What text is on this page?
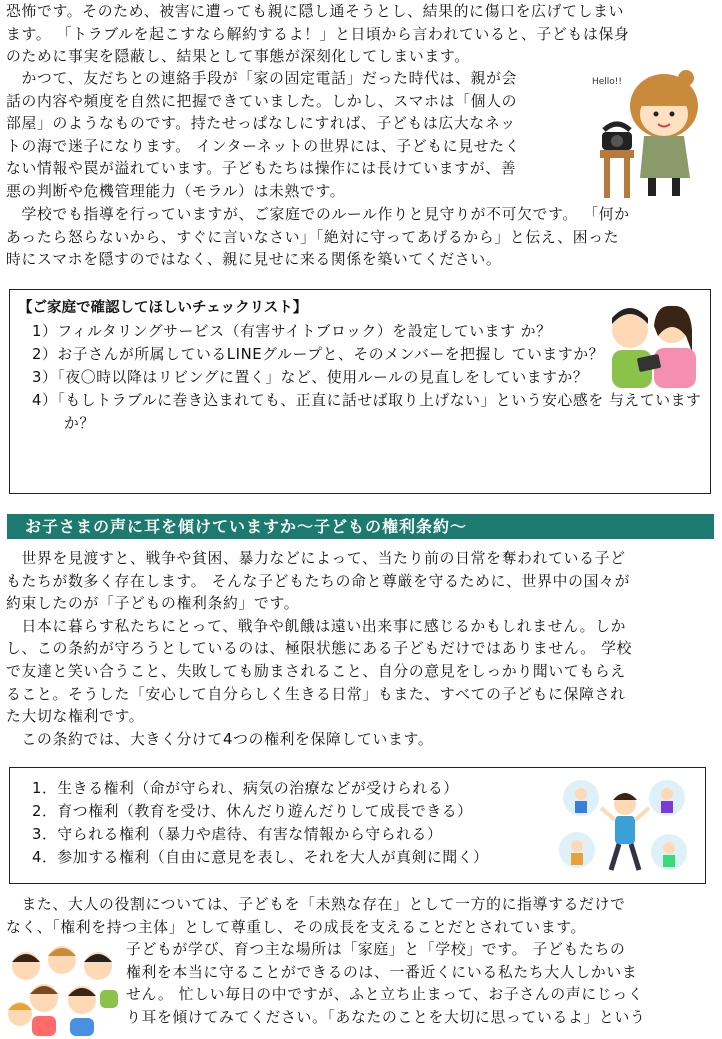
恐怖です。そのため、被害に遭っても親に隠し通そうとし、結果的に傷口を広げてしまい

ます。 「トラブルを起こすなら解約するよ！」と日頃から言われていると、子どもは保身

のために事実を隠蔽し、結果として事態が深刻化してしまいます。

　かつて、友だちとの連絡手段が「家の固定電話」だった時代は、親が会

話の内容や頻度を自然に把握できていました。しかし、スマホは「個人の

部屋」のようなものです。持たせっぱなしにすれば、子どもは広大なネッ

トの海で迷子になります。 インターネットの世界には、子どもに見せたく

ない情報や罠が溢れています。子どもたちは操作には長けていますが、善

悪の判断や危機管理能力（モラル）は未熟です。

　学校でも指導を行っていますが、ご家庭でのルール作りと見守りが不可欠です。 「何か

あったら怒らないから、すぐに言いなさい」「絶対に守ってあげるから」と伝え、困った

時にスマホを隠すのではなく、親に見せに来る関係を築いてください。

Hello!!
【ご家庭で確認してほしいチェックリスト】
1）フィルタリングサービス（有害サイトブロック）を設定しています か？
2）お子さんが所属しているLINEグループと、そのメンバーを把握し ていますか？
3）「夜〇時以降はリビングに置く」など、使用ルールの見直しをしていますか？
4）「もしトラブルに巻き込まれても、正直に話せば取り上げない」という安心感を 与えていますか？
お子さまの声に耳を傾けていますか～子どもの権利条約～

　世界を見渡すと、戦争や貧困、暴力などによって、当たり前の日常を奪われている子ど

もたちが数多く存在します。 そんな子どもたちの命と尊厳を守るために、世界中の国々が

約束したのが「子どもの権利条約」です。

　日本に暮らす私たちにとって、戦争や飢餓は遠い出来事に感じるかもしれません。しか

し、この条約が守ろうとしているのは、極限状態にある子どもだけではありません。 学校

で友達と笑い合うこと、失敗しても励まされること、自分の意見をしっかり聞いてもらえ

ること。そうした「安心して自分らしく生きる日常」もまた、すべての子どもに保障され

た大切な権利です。

　この条約では、大きく分けて4つの権利を保障しています。

1．生きる権利（命が守られ、病気の治療などが受けられる）
2．育つ権利（教育を受け、休んだり遊んだりして成長できる）
3．守られる権利（暴力や虐待、有害な情報から守られる）
4．参加する権利（自由に意見を表し、それを大人が真剣に聞く）

　また、大人の役割については、子どもを「未熟な存在」として一方的に指導するだけで

なく、「権利を持つ主体」として尊重し、その成長を支えることだとされています。

子どもが学び、育つ主な場所は「家庭」と「学校」です。 子どもたちの

権利を本当に守ることができるのは、一番近くにいる私たち大人しかいま

せん。 忙しい毎日の中ですが、ふと立ち止まって、お子さんの声にじっく

り耳を傾けてみてください。「あなたのことを大切に思っているよ」という
